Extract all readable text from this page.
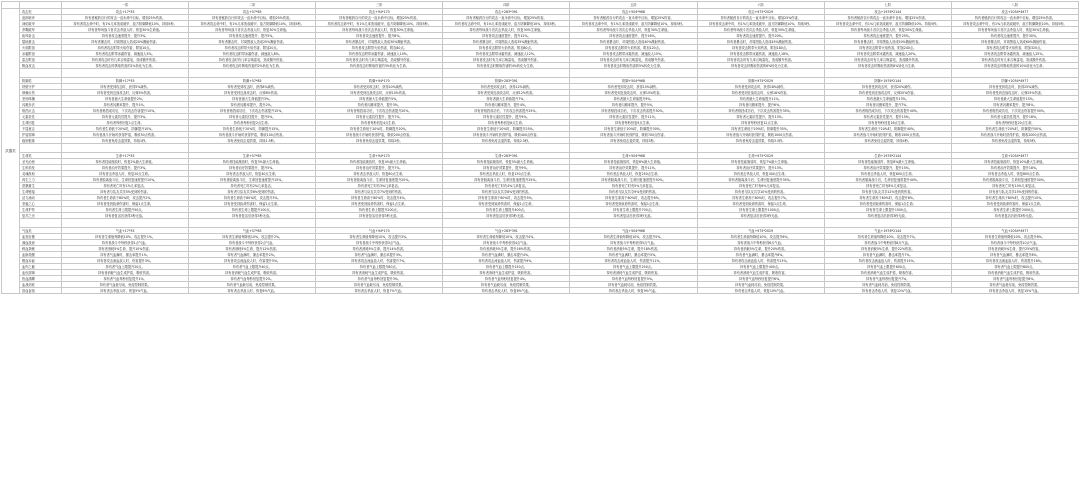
		一阶	二阶	三阶	四阶	五阶	六阶	七阶	八阶
武器类	攻击类	攻击+17*35	攻击+57*85	攻击+94*170	攻击+283*391	攻击+504*968	攻击+975*2029	攻击+1976*2144	攻击+2054*4977
	追踪暗斧	持有者秘药自行的攻击一直未命中目标，增加25%伤害。	持有者秘药自行的攻击一直未命中目标，增加25%伤害。	持有者秘药自行的攻击一直未命中目标，增加25%伤害。	持有者秘药自行的攻击一直未命中目标，增加25%伤害。	持有者秘药自行的攻击一直未命中目标，增加25%伤害。	持有者秘药自行的攻击一直未命中目标，增加25%伤害。	持有者秘药自行的攻击一直未命中目标，增加25%伤害。	持有者秘药自行的攻击一直未命中目标，增加25%伤害。
	神佑破甲	持有者攻击命中时，有1%几率造成破甲，敌方防御降低10%，持续5秒。	持有者攻击命中时，有1%几率造成破甲，敌方防御降低10%，持续5秒。	持有者攻击命中时，有1%几率造成破甲，敌方防御降低10%，持续5秒。	持有者攻击命中时，有1%几率造成破甲，敌方防御降低10%，持续5秒。	持有者攻击命中时，有1%几率造成破甲，敌方防御降低10%，持续5秒。	持有者攻击命中时，有1%几率造成破甲，敌方防御降低10%，持续5秒。	持有者攻击命中时，有1%几率造成破甲，敌方防御降低10%，持续5秒。	持有者攻击命中时，有1%几率造成破甲，敌方防御降低10%，持续5秒。
	杀戮破军	持有者每场战斗首次击杀敌人时，恢复30%生命值。	持有者每场战斗首次击杀敌人时，恢复30%生命值。	持有者每场战斗首次击杀敌人时，恢复30%生命值。	持有者每场战斗首次击杀敌人时，恢复30%生命值。	持有者每场战斗首次击杀敌人时，恢复30%生命值。	持有者每场战斗首次击杀敌人时，恢复30%生命值。	持有者每场战斗首次击杀敌人时，恢复30%生命值。	持有者每场战斗首次击杀敌人时，恢复30%生命值。
	疾风斩击	持有者攻击速度提升，提升3%。	持有者攻击速度提升，提升5%。	持有者攻击速度提升，提升8%。	持有者攻击速度提升，提升12%。	持有者攻击速度提升，提升16%。	持有者攻击速度提升，提升20%。	持有者攻击速度提升，提升25%。	持有者攻击速度提升，提升30%。
	裂地重击	持有者暴击时，对周围敌人造成20%溅射伤害。	持有者暴击时，对周围敌人造成25%溅射伤害。	持有者暴击时，对周围敌人造成30%溅射伤害。	持有者暴击时，对周围敌人造成35%溅射伤害。	持有者暴击时，对周围敌人造成40%溅射伤害。	持有者暴击时，对周围敌人造成45%溅射伤害。	持有者暴击时，对周围敌人造成50%溅射伤害。	持有者暴击时，对周围敌人造成60%溅射伤害。
	火焰附加	持有者攻击附带火焰伤害，附加10点。	持有者攻击附带火焰伤害，附加20点。	持有者攻击附带火焰伤害，附加40点。	持有者攻击附带火焰伤害，附加80点。	持有者攻击附带火焰伤害，附加120点。	持有者攻击附带火焰伤害，附加180点。	持有者攻击附带火焰伤害，附加240点。	持有者攻击附带火焰伤害，附加320点。
	冰霜附加	持有者攻击附带冰霜伤害，减速敌人5%。	持有者攻击附带冰霜伤害，减速敌人8%。	持有者攻击附带冰霜伤害，减速敌人10%。	持有者攻击附带冰霜伤害，减速敌人12%。	持有者攻击附带冰霜伤害，减速敌人15%。	持有者攻击附带冰霜伤害，减速敌人18%。	持有者攻击附带冰霜伤害，减速敌人20%。	持有者攻击附带冰霜伤害，减速敌人25%。
	雷击附加	持有者攻击时有几率召唤雷电，造成额外伤害。	持有者攻击时有几率召唤雷电，造成额外伤害。	持有者攻击时有几率召唤雷电，造成额外伤害。	持有者攻击时有几率召唤雷电，造成额外伤害。	持有者攻击时有几率召唤雷电，造成额外伤害。	持有者攻击时有几率召唤雷电，造成额外伤害。	持有者攻击时有几率召唤雷电，造成额外伤害。	持有者攻击时有几率召唤雷电，造成额外伤害。
	吸血攻击	持有者攻击时吸取伤害的1%转化为生命。	持有者攻击时吸取伤害的2%转化为生命。	持有者攻击时吸取伤害的3%转化为生命。	持有者攻击时吸取伤害的4%转化为生命。	持有者攻击时吸取伤害的5%转化为生命。	持有者攻击时吸取伤害的6%转化为生命。	持有者攻击时吸取伤害的8%转化为生命。	持有者攻击时吸取伤害的10%转化为生命。

	防御类	防御+17*35	防御+57*85	防御+94*170	防御+283*391	防御+504*968	防御+975*2029	防御+1976*2144	防御+2054*4977
	铁壁守护	持有者受到攻击时，获得5%减伤。	持有者受到攻击时，获得8%减伤。	持有者受到攻击时，获得10%减伤。	持有者受到攻击时，获得12%减伤。	持有者受到攻击时，获得15%减伤。	持有者受到攻击时，获得18%减伤。	持有者受到攻击时，获得20%减伤。	持有者受到攻击时，获得25%减伤。
	荆棘反伤	持有者受到近战攻击时，反弹5%伤害。	持有者受到近战攻击时，反弹8%伤害。	持有者受到近战攻击时，反弹10%伤害。	持有者受到近战攻击时，反弹12%伤害。	持有者受到近战攻击时，反弹15%伤害。	持有者受到近战攻击时，反弹18%伤害。	持有者受到近战攻击时，反弹20%伤害。	持有者受到近战攻击时，反弹25%伤害。
	坚韧体魄	持有者最大生命值提升2%。	持有者最大生命值提升3%。	持有者最大生命值提升5%。	持有者最大生命值提升7%。	持有者最大生命值提升9%。	持有者最大生命值提升11%。	持有者最大生命值提升13%。	持有者最大生命值提升15%。
	闪避步法	持有者闪避率提升，提升1%。	持有者闪避率提升，提升2%。	持有者闪避率提升，提升3%。	持有者闪避率提升，提升4%。	持有者闪避率提升，提升5%。	持有者闪避率提升，提升6%。	持有者闪避率提升，提升7%。	持有者闪避率提升，提升8%。
	格挡反击	持有者格挡成功后，下次攻击伤害提升10%。	持有者格挡成功后，下次攻击伤害提升15%。	持有者格挡成功后，下次攻击伤害提升20%。	持有者格挡成功后，下次攻击伤害提升25%。	持有者格挡成功后，下次攻击伤害提升30%。	持有者格挡成功后，下次攻击伤害提升35%。	持有者格挡成功后，下次攻击伤害提升40%。	持有者格挡成功后，下次攻击伤害提升50%。
	元素抗性	持有者元素抗性提升，提升3%。	持有者元素抗性提升，提升5%。	持有者元素抗性提升，提升7%。	持有者元素抗性提升，提升9%。	持有者元素抗性提升，提升11%。	持有者元素抗性提升，提升13%。	持有者元素抗性提升，提升15%。	持有者元素抗性提升，提升18%。
	生命回复	持有者每秒回复1点生命。	持有者每秒回复2点生命。	持有者每秒回复4点生命。	持有者每秒回复6点生命。	持有者每秒回复9点生命。	持有者每秒回复12点生命。	持有者每秒回复16点生命。	持有者每秒回复20点生命。
	不屈意志	持有者生命低于20%时，防御提升10%。	持有者生命低于20%时，防御提升15%。	持有者生命低于20%时，防御提升20%。	持有者生命低于20%时，防御提升25%。	持有者生命低于20%时，防御提升30%。	持有者生命低于20%时，防御提升35%。	持有者生命低于20%时，防御提升40%。	持有者生命低于20%时，防御提升50%。
	护盾屏障	持有者战斗开始时获得护盾，吸收50点伤害。	持有者战斗开始时获得护盾，吸收100点伤害。	持有者战斗开始时获得护盾，吸收200点伤害。	持有者战斗开始时获得护盾，吸收400点伤害。	持有者战斗开始时获得护盾，吸收700点伤害。	持有者战斗开始时获得护盾，吸收1000点伤害。	持有者战斗开始时获得护盾，吸收1500点伤害。	持有者战斗开始时获得护盾，吸收2000点伤害。
	稳固根基	持有者免疫击退效果，持续1秒。	持有者免疫击退效果，持续1.5秒。	持有者免疫击退效果，持续2秒。	持有者免疫击退效果，持续2.5秒。	持有者免疫击退效果，持续3秒。	持有者免疫击退效果，持续3.5秒。	持有者免疫击退效果，持续4秒。	持有者免疫击退效果，持续5秒。

	生命类	生命+17*35	生命+57*85	生命+94*170	生命+283*391	生命+504*968	生命+975*2029	生命+1976*2144	生命+2054*4977
	圣光治愈	持有者技能施放时，恢复2%最大生命值。	持有者技能施放时，恢复3%最大生命值。	持有者技能施放时，恢复4%最大生命值。	持有者技能施放时，恢复5%最大生命值。	持有者技能施放时，恢复6%最大生命值。	持有者技能施放时，恢复7%最大生命值。	持有者技能施放时，恢复8%最大生命值。	持有者技能施放时，恢复10%最大生命值。
	生机勃发	持有者治疗效果提升，提升3%。	持有者治疗效果提升，提升5%。	持有者治疗效果提升，提升7%。	持有者治疗效果提升，提升9%。	持有者治疗效果提升，提升11%。	持有者治疗效果提升，提升13%。	持有者治疗效果提升，提升15%。	持有者治疗效果提升，提升18%。
	灵魂汲取	持有者击杀敌人时，恢复20点生命。	持有者击杀敌人时，恢复40点生命。	持有者击杀敌人时，恢复80点生命。	持有者击杀敌人时，恢复150点生命。	持有者击杀敌人时，恢复250点生命。	持有者击杀敌人时，恢复400点生命。	持有者击杀敌人时，恢复600点生命。	持有者击杀敌人时，恢复800点生命。
	再生之力	持有者脱离战斗后，生命回复速度提升10%。	持有者脱离战斗后，生命回复速度提升15%。	持有者脱离战斗后，生命回复速度提升20%。	持有者脱离战斗后，生命回复速度提升25%。	持有者脱离战斗后，生命回复速度提升30%。	持有者脱离战斗后，生命回复速度提升35%。	持有者脱离战斗后，生命回复速度提升40%。	持有者脱离战斗后，生命回复速度提升50%。
	涅槃重生	持有者死亡时有1%几率复活。	持有者死亡时有2%几率复活。	持有者死亡时有3%几率复活。	持有者死亡时有4%几率复活。	持有者死亡时有5%几率复活。	持有者死亡时有6%几率复活。	持有者死亡时有8%几率复活。	持有者死亡时有10%几率复活。
	生命链接	持有者与队友共享5%受到的伤害。	持有者与队友共享6%受到的伤害。	持有者与队友共享7%受到的伤害。	持有者与队友共享8%受到的伤害。	持有者与队友共享9%受到的伤害。	持有者与队友共享10%受到的伤害。	持有者与队友共享12%受到的伤害。	持有者与队友共享15%受到的伤害。
	活力涌动	持有者生命高于80%时，攻击提升2%。	持有者生命高于80%时，攻击提升3%。	持有者生命高于80%时，攻击提升4%。	持有者生命高于80%时，攻击提升5%。	持有者生命高于80%时，攻击提升6%。	持有者生命高于80%时，攻击提升7%。	持有者生命高于80%时，攻击提升8%。	持有者生命高于80%时，攻击提升10%。
	坚毅之心	持有者受到致命伤害时，保留1点生命。	持有者受到致命伤害时，保留1点生命。	持有者受到致命伤害时，保留1点生命。	持有者受到致命伤害时，保留1点生命。	持有者受到致命伤害时，保留1点生命。	持有者受到致命伤害时，保留1点生命。	持有者受到致命伤害时，保留1点生命。	持有者受到致命伤害时，保留1点生命。
	生命护符	持有者生命上限提升50点。	持有者生命上限提升100点。	持有者生命上限提升200点。	持有者生命上限提升400点。	持有者生命上限提升700点。	持有者生命上限提升1000点。	持有者生命上限提升1500点。	持有者生命上限提升2000点。
	复苏之光	持有者复活后获得3秒无敌。	持有者复活后获得3秒无敌。	持有者复活后获得3秒无敌。	持有者复活后获得3秒无敌。	持有者复活后获得3秒无敌。	持有者复活后获得3秒无敌。	持有者复活后获得3秒无敌。	持有者复活后获得3秒无敌。

	气血类	气血+17*35	气血+57*85	气血+94*170	气血+283*391	气血+504*968	气血+975*2029	气血+1976*2144	气血+2054*4977
	血怒狂暴	持有者生命值每降低10%，攻击提升1%。	持有者生命值每降低10%，攻击提升2%。	持有者生命值每降低10%，攻击提升3%。	持有者生命值每降低10%，攻击提升4%。	持有者生命值每降低10%，攻击提升5%。	持有者生命值每降低10%，攻击提升6%。	持有者生命值每降低10%，攻击提升7%。	持有者生命值每降低10%，攻击提升8%。
	沸血战意	持有者战斗中每秒获得1点气血。	持有者战斗中每秒获得2点气血。	持有者战斗中每秒获得3点气血。	持有者战斗中每秒获得4点气血。	持有者战斗中每秒获得5点气血。	持有者战斗中每秒获得6点气血。	持有者战斗中每秒获得8点气血。	持有者战斗中每秒获得10点气血。
	鲜血祭献	持有者消耗5%生命，提升10%伤害。	持有者消耗5%生命，提升12%伤害。	持有者消耗5%生命，提升14%伤害。	持有者消耗5%生命，提升16%伤害。	持有者消耗5%生命，提升18%伤害。	持有者消耗5%生命，提升20%伤害。	持有者消耗5%生命，提升22%伤害。	持有者消耗5%生命，提升25%伤害。
	血脉觉醒	持有者气血满时，暴击率提升1%。	持有者气血满时，暴击率提升2%。	持有者气血满时，暴击率提升3%。	持有者气血满时，暴击率提升4%。	持有者气血满时，暴击率提升5%。	持有者气血满时，暴击率提升6%。	持有者气血满时，暴击率提升7%。	持有者气血满时，暴击率提升8%。
	嗜血本能	持有者攻击流血敌人时，伤害提升3%。	持有者攻击流血敌人时，伤害提升5%。	持有者攻击流血敌人时，伤害提升7%。	持有者攻击流血敌人时，伤害提升9%。	持有者攻击流血敌人时，伤害提升11%。	持有者攻击流血敌人时，伤害提升13%。	持有者攻击流血敌人时，伤害提升15%。	持有者攻击流血敌人时，伤害提升18%。
	血肉之躯	持有者气血上限提升20点。	持有者气血上限提升40点。	持有者气血上限提升80点。	持有者气血上限提升150点。	持有者气血上限提升250点。	持有者气血上限提升400点。	持有者气血上限提升600点。	持有者气血上限提升800点。
	血色屏障	持有者消耗气血生成护盾，吸收伤害。	持有者消耗气血生成护盾，吸收伤害。	持有者消耗气血生成护盾，吸收伤害。	持有者消耗气血生成护盾，吸收伤害。	持有者消耗气血生成护盾，吸收伤害。	持有者消耗气血生成护盾，吸收伤害。	持有者消耗气血生成护盾，吸收伤害。	持有者消耗气血生成护盾，吸收伤害。
	热血沸腾	持有者气血每秒回复提升1%。	持有者气血每秒回复提升2%。	持有者气血每秒回复提升3%。	持有者气血每秒回复提升4%。	持有者气血每秒回复提升5%。	持有者气血每秒回复提升6%。	持有者气血每秒回复提升7%。	持有者气血每秒回复提升8%。
	血战到底	持有者气血耗尽前，免疫控制效果。	持有者气血耗尽前，免疫控制效果。	持有者气血耗尽前，免疫控制效果。	持有者气血耗尽前，免疫控制效果。	持有者气血耗尽前，免疫控制效果。	持有者气血耗尽前，免疫控制效果。	持有者气血耗尽前，免疫控制效果。	持有者气血耗尽前，免疫控制效果。
	浴血奋战	持有者击杀敌人时，恢复5%气血。	持有者击杀敌人时，恢复6%气血。	持有者击杀敌人时，恢复7%气血。	持有者击杀敌人时，恢复8%气血。	持有者击杀敌人时，恢复9%气血。	持有者击杀敌人时，恢复10%气血。	持有者击杀敌人时，恢复12%气血。	持有者击杀敌人时，恢复15%气血。
